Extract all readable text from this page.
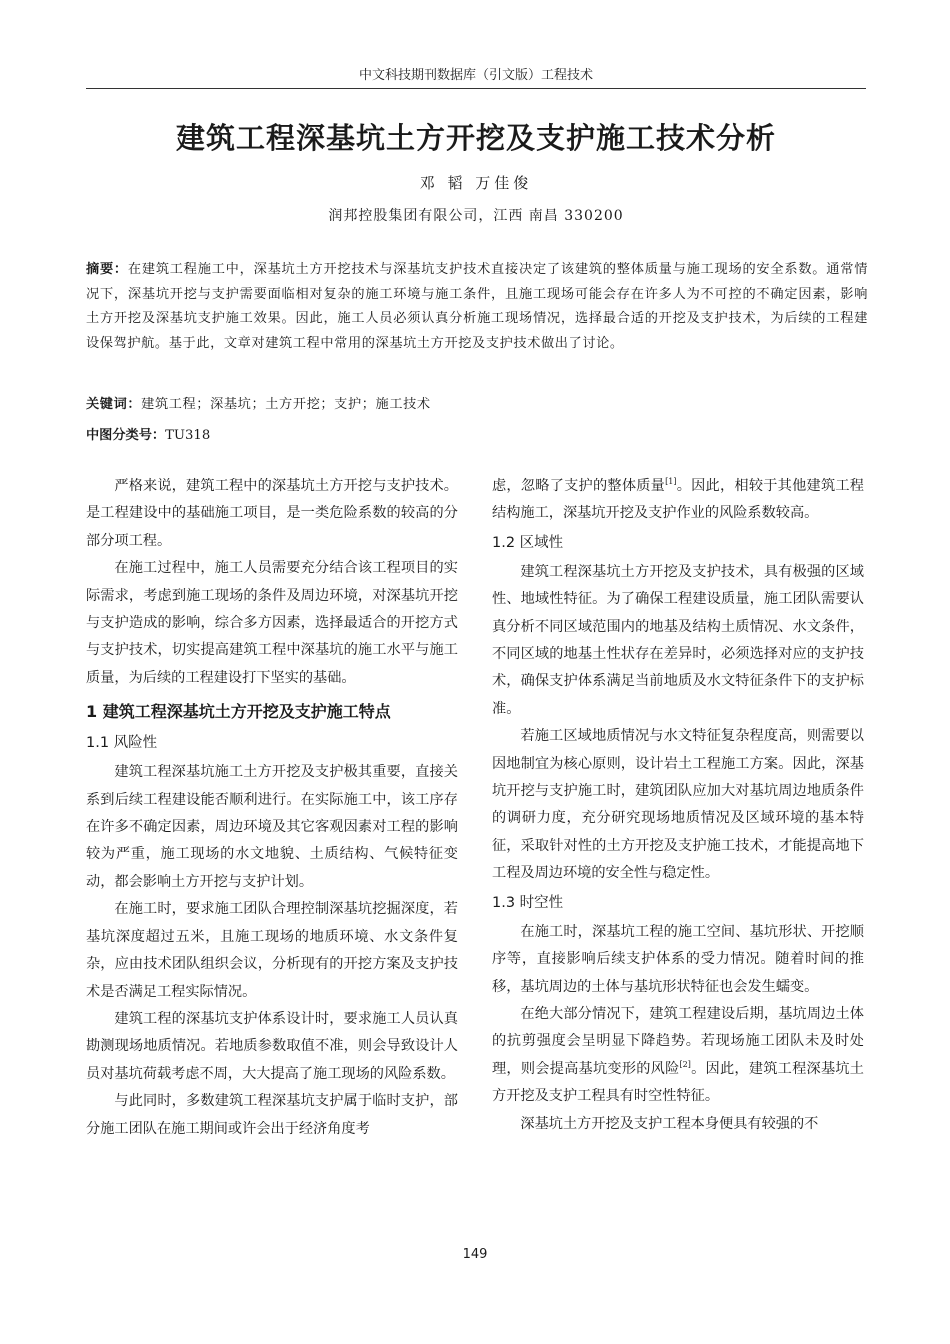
中文科技期刊数据库（引文版）工程技术
建筑工程深基坑土方开挖及支护施工技术分析
邓 韬 万佳俊
润邦控股集团有限公司，江西 南昌 330200
摘要：在建筑工程施工中，深基坑土方开挖技术与深基坑支护技术直接决定了该建筑的整体质量与施工现场的安全系数。通常情况下，深基坑开挖与支护需要面临相对复杂的施工环境与施工条件，且施工现场可能会存在许多人为不可控的不确定因素，影响土方开挖及深基坑支护施工效果。因此，施工人员必须认真分析施工现场情况，选择最合适的开挖及支护技术，为后续的工程建设保驾护航。基于此，文章对建筑工程中常用的深基坑土方开挖及支护技术做出了讨论。
关键词：建筑工程；深基坑；土方开挖；支护；施工技术
中图分类号：TU318

严格来说，建筑工程中的深基坑土方开挖与支护技术。是工程建设中的基础施工项目，是一类危险系数的较高的分部分项工程。

在施工过程中，施工人员需要充分结合该工程项目的实际需求，考虑到施工现场的条件及周边环境，对深基坑开挖与支护造成的影响，综合多方因素，选择最适合的开挖方式与支护技术，切实提高建筑工程中深基坑的施工水平与施工质量，为后续的工程建设打下坚实的基础。

1 建筑工程深基坑土方开挖及支护施工特点
1.1 风险性

建筑工程深基坑施工土方开挖及支护极其重要，直接关系到后续工程建设能否顺利进行。在实际施工中，该工序存在许多不确定因素，周边环境及其它客观因素对工程的影响较为严重，施工现场的水文地貌、土质结构、气候特征变动，都会影响土方开挖与支护计划。

在施工时，要求施工团队合理控制深基坑挖掘深度，若基坑深度超过五米，且施工现场的地质环境、水文条件复杂，应由技术团队组织会议，分析现有的开挖方案及支护技术是否满足工程实际情况。

建筑工程的深基坑支护体系设计时，要求施工人员认真勘测现场地质情况。若地质参数取值不准，则会导致设计人员对基坑荷载考虑不周，大大提高了施工现场的风险系数。

与此同时，多数建筑工程深基坑支护属于临时支护，部分施工团队在施工期间或许会出于经济角度考

虑，忽略了支护的整体质量[1]。因此，相较于其他建筑工程结构施工，深基坑开挖及支护作业的风险系数较高。

1.2 区域性

建筑工程深基坑土方开挖及支护技术，具有极强的区域性、地域性特征。为了确保工程建设质量，施工团队需要认真分析不同区域范围内的地基及结构土质情况、水文条件，不同区域的地基土性状存在差异时，必须选择对应的支护技术，确保支护体系满足当前地质及水文特征条件下的支护标准。

若施工区域地质情况与水文特征复杂程度高，则需要以因地制宜为核心原则，设计岩土工程施工方案。因此，深基坑开挖与支护施工时，建筑团队应加大对基坑周边地质条件的调研力度，充分研究现场地质情况及区域环境的基本特征，采取针对性的土方开挖及支护施工技术，才能提高地下工程及周边环境的安全性与稳定性。

1.3 时空性

在施工时，深基坑工程的施工空间、基坑形状、开挖顺序等，直接影响后续支护体系的受力情况。随着时间的推移，基坑周边的土体与基坑形状特征也会发生蠕变。

在绝大部分情况下，建筑工程建设后期，基坑周边土体的抗剪强度会呈明显下降趋势。若现场施工团队未及时处理，则会提高基坑变形的风险[2]。因此，建筑工程深基坑土方开挖及支护工程具有时空性特征。

深基坑土方开挖及支护工程本身便具有较强的不

149
